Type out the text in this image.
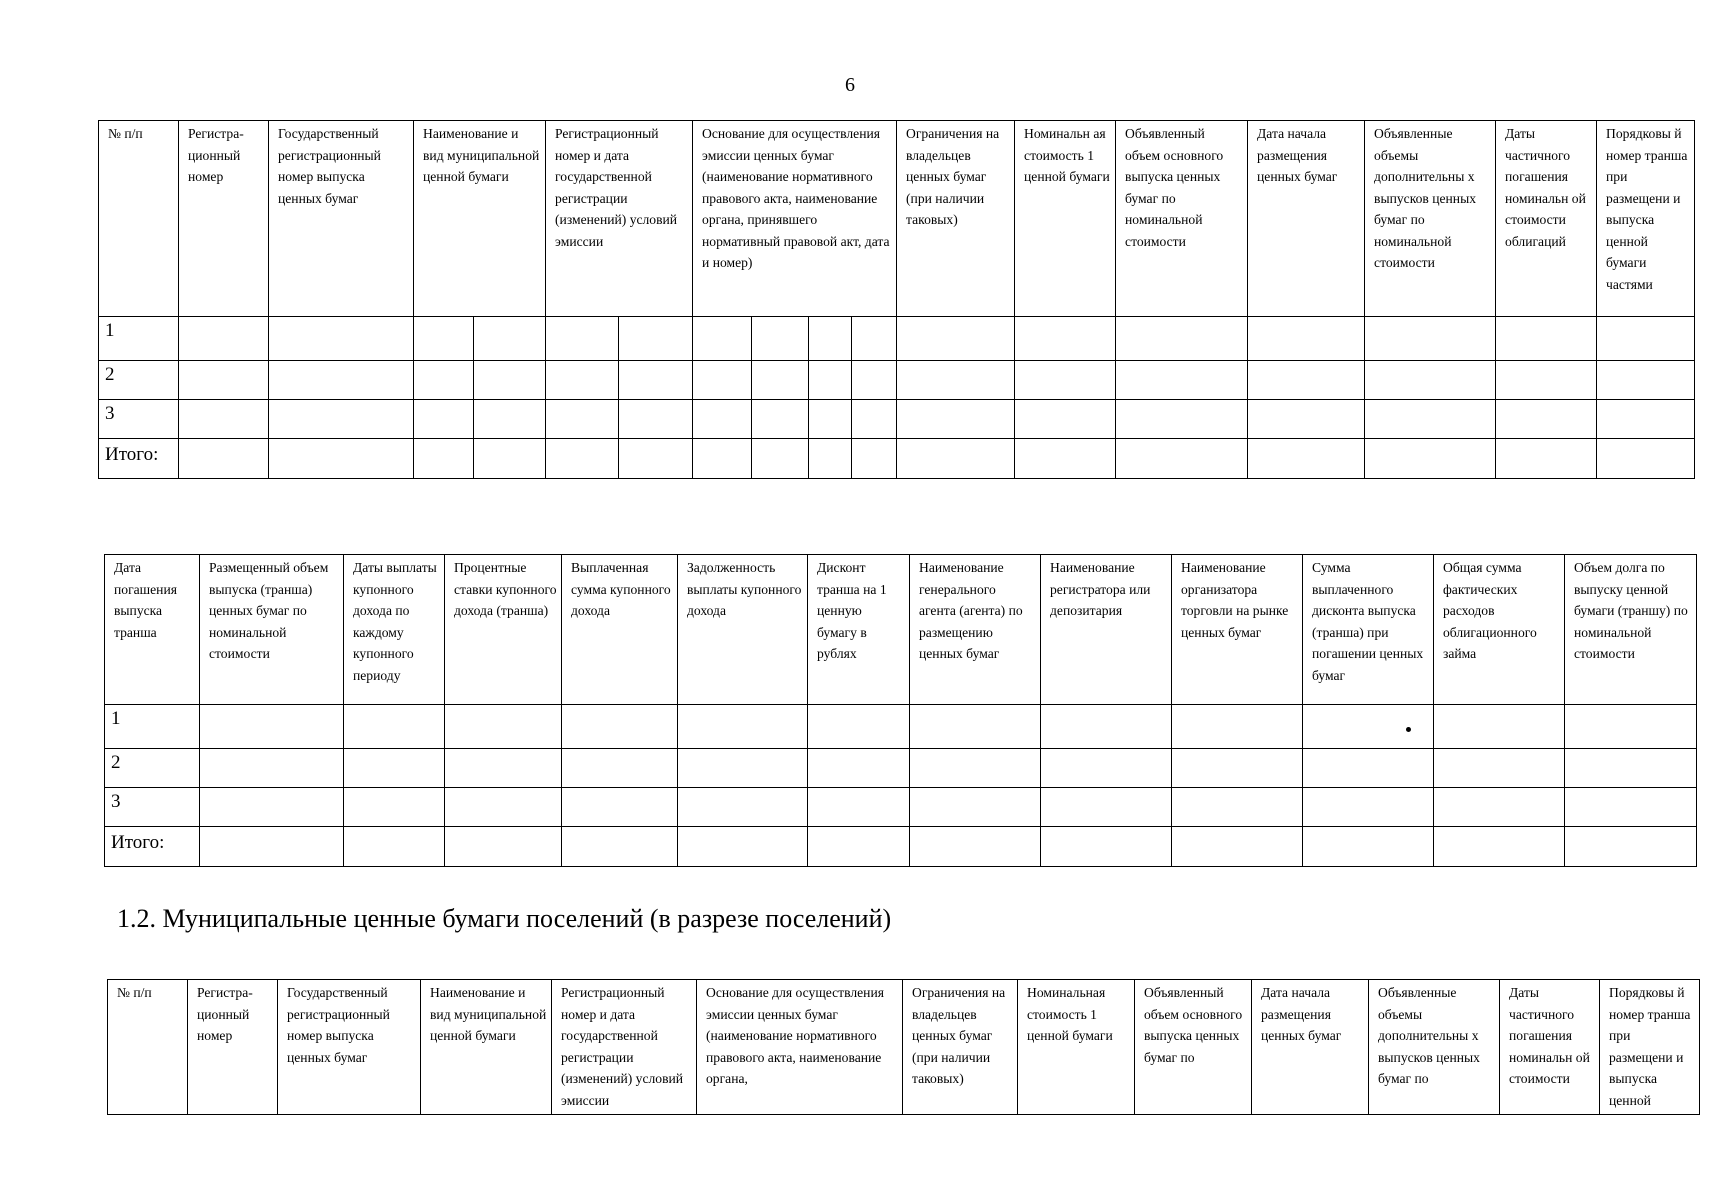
6
№ п/п	Регистра-ционный номер	Государственный регистрационный номер выпуска ценных бумаг	Наименование и вид муниципальной ценной бумаги		Регистрационный номер и дата государственной регистрации (изменений) условий эмиссии		Основание для осуществления эмиссии ценных бумаг (наименование нормативного правового акта, наименование органа, принявшего нормативный правовой акт, дата и номер)				Ограничения на владельцев ценных бумаг (при наличии таковых)	Номинальн ая стоимость 1 ценной бумаги	Объявленный объем основного выпуска ценных бумаг по номинальной стоимости	Дата начала размещения ценных бумаг	Объявленные объемы дополнительны х выпусков ценных бумаг по номинальной стоимости	Даты частичного погашения номинальн ой стоимости облигаций	Порядковы й номер транша при размещени и выпуска ценной бумаги частями
1																	
2																	
3																	
Итого:																	
Дата погашения выпуска транша	Размещенный объем выпуска (транша) ценных бумаг по номинальной стоимости	Даты выплаты купонного дохода по каждому купонного периоду	Процентные ставки купонного дохода (транша)	Выплаченная сумма купонного дохода	Задолженность выплаты купонного дохода	Дисконт транша на 1 ценную бумагу в рублях	Наименование генерального агента (агента) по размещению ценных бумаг	Наименование регистратора или депозитария	Наименование организатора торговли на рынке ценных бумаг	Сумма выплаченного дисконта выпуска (транша) при погашении ценных бумаг	Общая сумма фактических расходов облигационного займа	Объем долга по выпуску ценной бумаги (траншу) по номинальной стоимости
1										

2												
3												
Итого:												
1.2. Муниципальные ценные бумаги поселений (в разрезе поселений)
№ п/п	Регистра-ционный номер	Государственный регистрационный номер выпуска ценных бумаг	Наименование и вид муниципальной ценной бумаги	Регистрационный номер и дата государственной регистрации (изменений) условий эмиссии	Основание для осуществления эмиссии ценных бумаг (наименование нормативного правового акта, наименование органа,	Ограничения на владельцев ценных бумаг (при наличии таковых)	Номинальная стоимость 1 ценной бумаги	Объявленный объем основного выпуска ценных бумаг по	Дата начала размещения ценных бумаг	Объявленные объемы дополнительны х выпусков ценных бумаг по	Даты частичного погашения номинальн ой стоимости	Порядковы й номер транша при размещени и выпуска ценной
